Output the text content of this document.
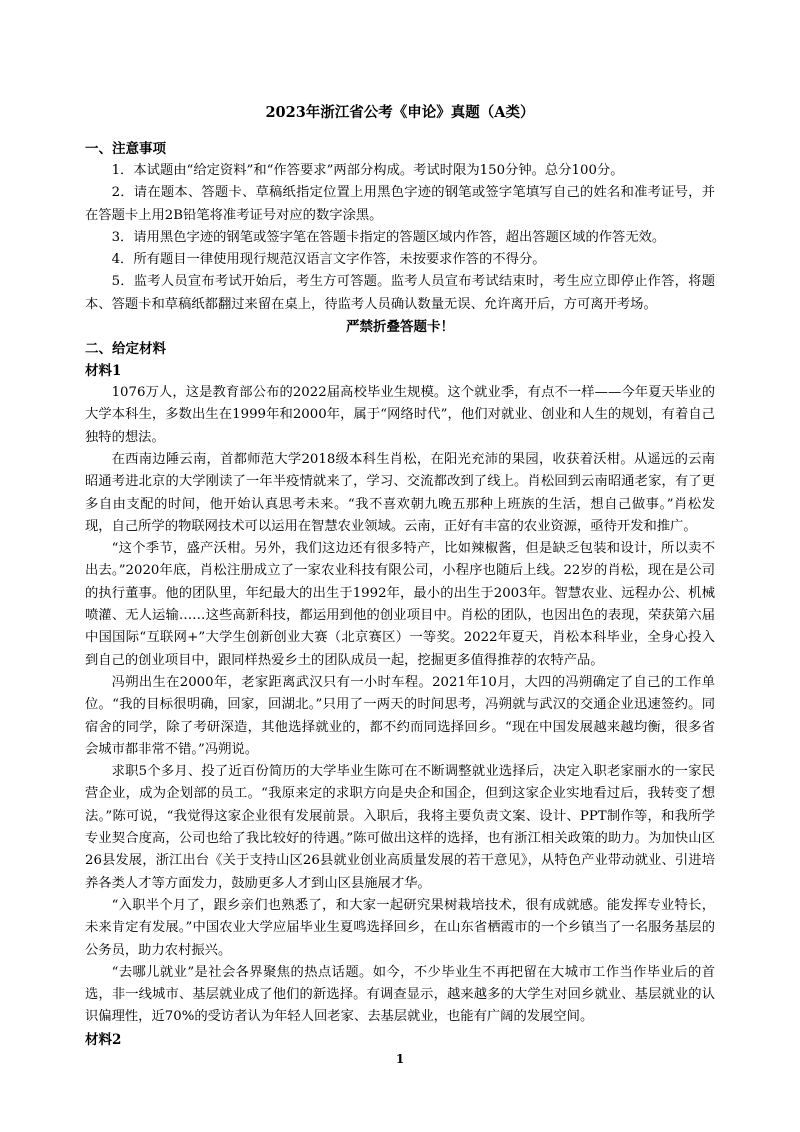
2023年浙江省公考《申论》真题（A类）

一、注意事项

1．本试题由“给定资料”和“作答要求”两部分构成。考试时限为150分钟。总分100分。

2．请在题本、答题卡、草稿纸指定位置上用黑色字迹的钢笔或签字笔填写自己的姓名和准考证号，并在答题卡上用2B铅笔将准考证号对应的数字涂黑。

3．请用黑色字迹的钢笔或签字笔在答题卡指定的答题区域内作答，超出答题区域的作答无效。

4．所有题目一律使用现行规范汉语言文字作答，未按要求作答的不得分。

5．监考人员宣布考试开始后，考生方可答题。监考人员宣布考试结束时，考生应立即停止作答，将题本、答题卡和草稿纸都翻过来留在桌上，待监考人员确认数量无误、允许离开后，方可离开考场。

严禁折叠答题卡！

二、给定材料

材料1

1076万人，这是教育部公布的2022届高校毕业生规模。这个就业季，有点不一样——今年夏天毕业的大学本科生，多数出生在1999年和2000年，属于“网络时代”，他们对就业、创业和人生的规划，有着自己独特的想法。

在西南边陲云南，首都师范大学2018级本科生肖松，在阳光充沛的果园，收获着沃柑。从遥远的云南昭通考进北京的大学刚读了一年半疫情就来了，学习、交流都改到了线上。肖松回到云南昭通老家，有了更多自由支配的时间，他开始认真思考未来。“我不喜欢朝九晚五那种上班族的生活，想自己做事。”肖松发现，自己所学的物联网技术可以运用在智慧农业领域。云南，正好有丰富的农业资源，亟待开发和推广。

“这个季节，盛产沃柑。另外，我们这边还有很多特产，比如辣椒酱，但是缺乏包装和设计，所以卖不出去。”2020年底，肖松注册成立了一家农业科技有限公司，小程序也随后上线。22岁的肖松，现在是公司的执行董事。他的团队里，年纪最大的出生于1992年，最小的出生于2003年。智慧农业、远程办公、机械喷灌、无人运输……这些高新科技，都运用到他的创业项目中。肖松的团队，也因出色的表现，荣获第六届中国国际“互联网+”大学生创新创业大赛（北京赛区）一等奖。2022年夏天，肖松本科毕业，全身心投入到自己的创业项目中，跟同样热爱乡土的团队成员一起，挖掘更多值得推荐的农特产品。

冯朔出生在2000年，老家距离武汉只有一小时车程。2021年10月，大四的冯朔确定了自己的工作单位。“我的目标很明确，回家，回湖北。”只用了一两天的时间思考，冯朔就与武汉的交通企业迅速签约。同宿舍的同学，除了考研深造，其他选择就业的，都不约而同选择回乡。“现在中国发展越来越均衡，很多省会城市都非常不错。”冯朔说。

求职5个多月、投了近百份简历的大学毕业生陈可在不断调整就业选择后，决定入职老家丽水的一家民营企业，成为企划部的员工。“我原来定的求职方向是央企和国企，但到这家企业实地看过后，我转变了想法。”陈可说，“我觉得这家企业很有发展前景。入职后，我将主要负责文案、设计、PPT制作等，和我所学专业契合度高，公司也给了我比较好的待遇。”陈可做出这样的选择，也有浙江相关政策的助力。为加快山区26县发展，浙江出台《关于支持山区26县就业创业高质量发展的若干意见》，从特色产业带动就业、引进培养各类人才等方面发力，鼓励更多人才到山区县施展才华。

“入职半个月了，跟乡亲们也熟悉了，和大家一起研究果树栽培技术，很有成就感。能发挥专业特长，未来肯定有发展。”中国农业大学应届毕业生夏鸣选择回乡，在山东省栖霞市的一个乡镇当了一名服务基层的公务员，助力农村振兴。

“去哪儿就业”是社会各界聚焦的热点话题。如今，不少毕业生不再把留在大城市工作当作毕业后的首选，非一线城市、基层就业成了他们的新选择。有调查显示，越来越多的大学生对回乡就业、基层就业的认识偏理性，近70%的受访者认为年轻人回老家、去基层就业，也能有广阔的发展空间。

材料2

1
